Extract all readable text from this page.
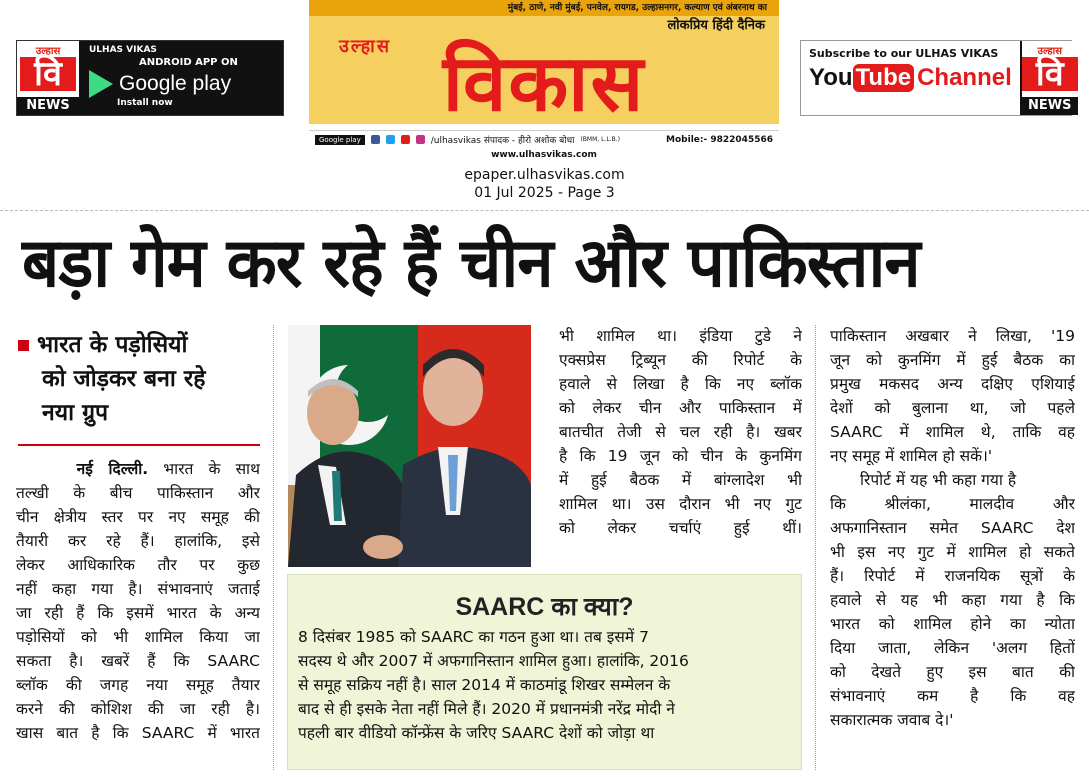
उल्हास
वि
NEWS
ULHAS VIKAS
ANDROID APP ON
Google play
Install now
मुंबई, ठाणे, नवी मुंबई, पनवेल, रायगड, उल्हासनगर, कल्याण एवं अंबरनाथ का
लोकप्रिय हिंदी दैनिक
उल्हास विकास
Google play	/ulhasvikas संपादक - हीरो अशोक बोधा (BMM, L.L.B.)	Mobile:- 9822045566
www.ulhasvikas.com
Subscribe to our ULHAS VIKAS
You Tube Channel
उल्हास
वि
NEWS
epaper.ulhasvikas.com
01 Jul 2025 - Page 3
बड़ा गेम कर रहे हैं चीन और पाकिस्तान
भारत के पड़ोसियों
को जोड़कर बना रहे
नया ग्रुप
नई दिल्ली. भारत के साथ
तल्खी के बीच पाकिस्तान और
चीन क्षेत्रीय स्तर पर नए समूह की
तैयारी कर रहे हैं। हालांकि, इसे
लेकर आधिकारिक तौर पर कुछ
नहीं कहा गया है। संभावनाएं जताई
जा रही हैं कि इसमें भारत के अन्य
पड़ोसियों को भी शामिल किया जा
सकता है। खबरें हैं कि SAARC
ब्लॉक की जगह नया समूह तैयार
करने की कोशिश की जा रही है।
खास बात है कि SAARC में भारत
भी शामिल था। इंडिया टुडे ने
एक्सप्रेस ट्रिब्यून की रिपोर्ट के
हवाले से लिखा है कि नए ब्लॉक
को लेकर चीन और पाकिस्तान में
बातचीत तेजी से चल रही है। खबर
है कि 19 जून को चीन के कुनमिंग
में हुई बैठक में बांग्लादेश भी
शामिल था। उस दौरान भी नए गुट
को लेकर चर्चाएं हुई थीं।
पाकिस्तान अखबार ने लिखा, '19
जून को कुनमिंग में हुई बैठक का
प्रमुख मकसद अन्य दक्षिए एशियाई
देशों को बुलाना था, जो पहले
SAARC में शामिल थे, ताकि वह
नए समूह में शामिल हो सकें।'
रिपोर्ट में यह भी कहा गया है
कि श्रीलंका, मालदीव और
अफगानिस्तान समेत SAARC देश
भी इस नए गुट में शामिल हो सकते
हैं। रिपोर्ट में राजनयिक सूत्रों के
हवाले से यह भी कहा गया है कि
भारत को शामिल होने का न्योता
दिया जाता, लेकिन 'अलग हितों
को देखते हुए इस बात की
संभावनाएं कम है कि वह
सकारात्मक जवाब दे।'
SAARC का क्या?
8 दिसंबर 1985 को SAARC का गठन हुआ था। तब इसमें 7
सदस्य थे और 2007 में अफगानिस्तान शामिल हुआ। हालांकि, 2016
से समूह सक्रिय नहीं है। साल 2014 में काठमांडू शिखर सम्मेलन के
बाद से ही इसके नेता नहीं मिले हैं। 2020 में प्रधानमंत्री नरेंद्र मोदी ने
पहली बार वीडियो कॉन्फ्रेंस के जरिए SAARC देशों को जोड़ा था
